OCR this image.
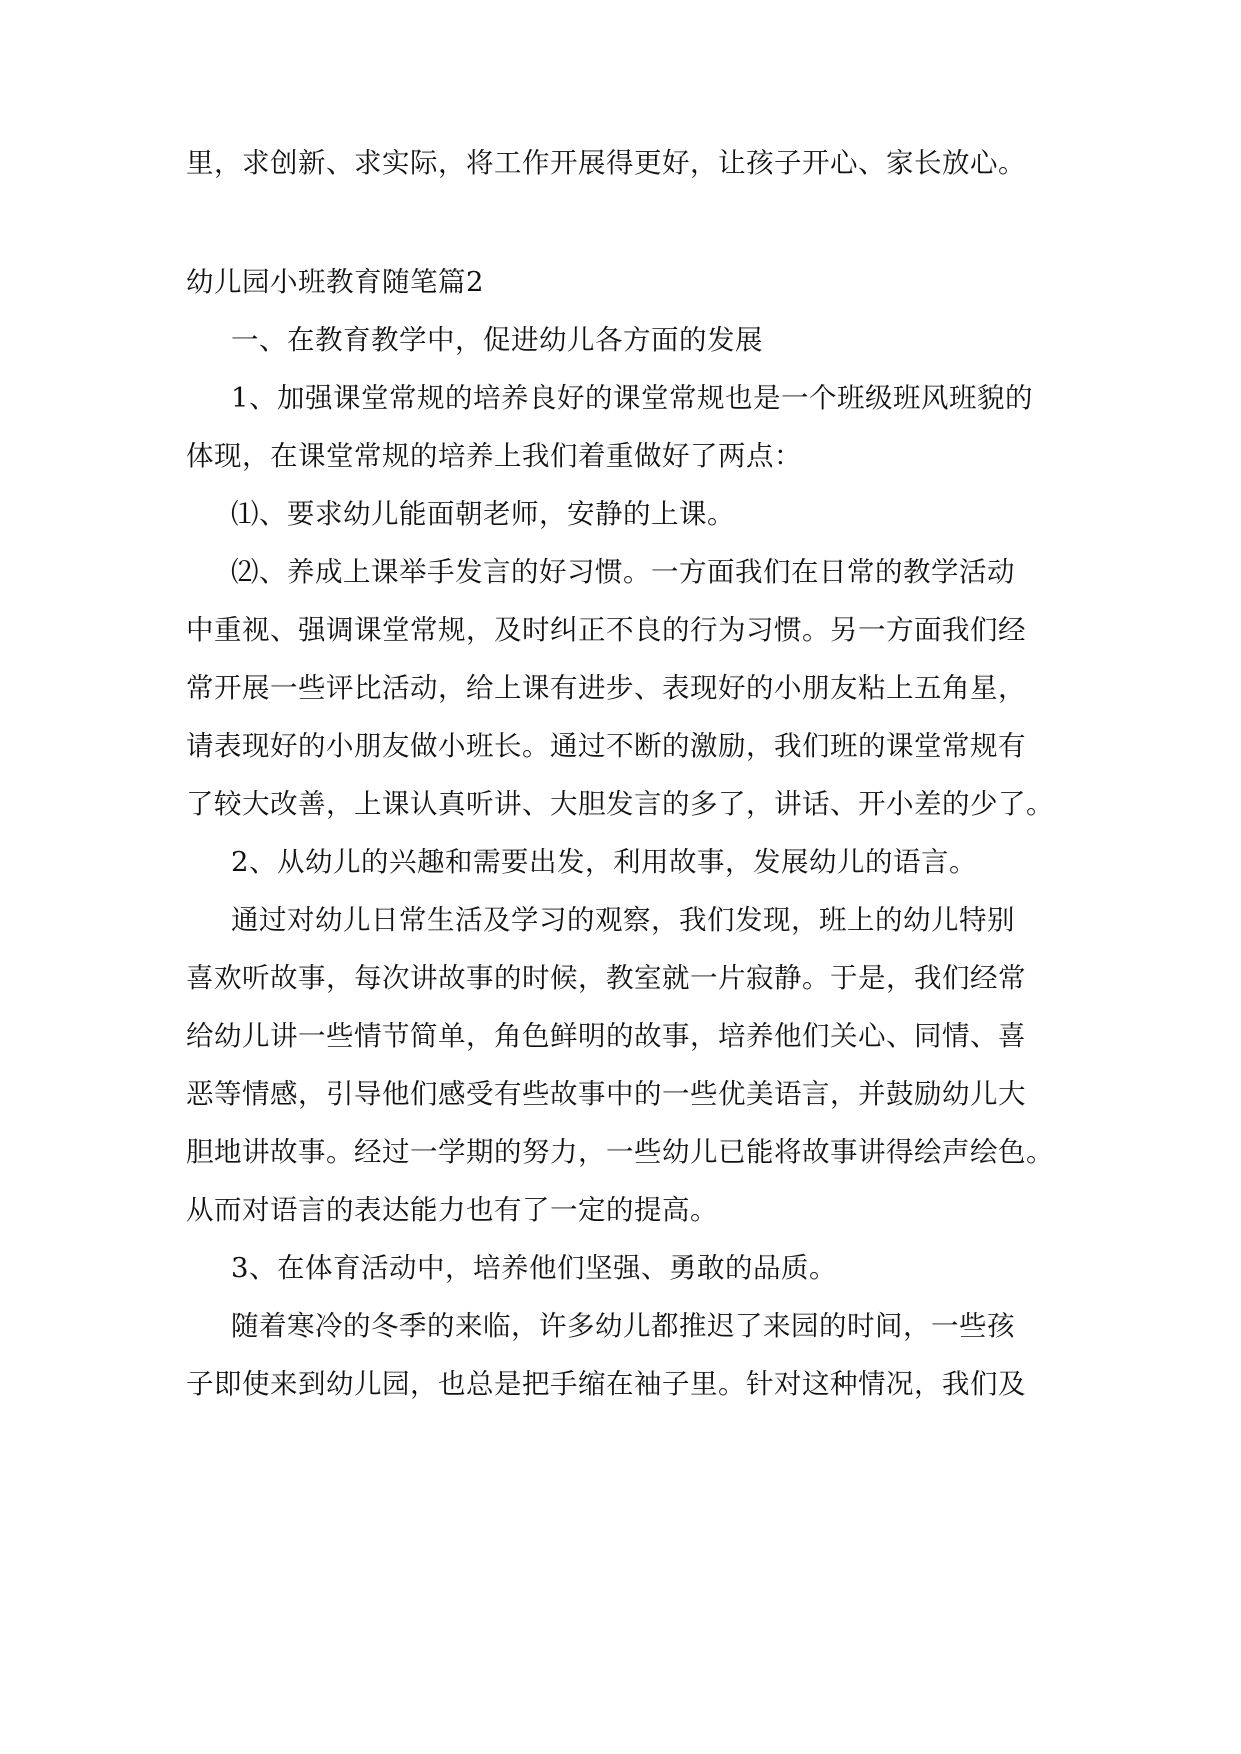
里，求创新、求实际，将工作开展得更好，让孩子开心、家长放心。
幼儿园小班教育随笔篇2
一、在教育教学中，促进幼儿各方面的发展
1、加强课堂常规的培养良好的课堂常规也是一个班级班风班貌的
体现，在课堂常规的培养上我们着重做好了两点：
⑴、要求幼儿能面朝老师，安静的上课。
⑵、养成上课举手发言的好习惯。一方面我们在日常的教学活动
中重视、强调课堂常规，及时纠正不良的行为习惯。另一方面我们经
常开展一些评比活动，给上课有进步、表现好的小朋友粘上五角星，
请表现好的小朋友做小班长。通过不断的激励，我们班的课堂常规有
了较大改善，上课认真听讲、大胆发言的多了，讲话、开小差的少了。
2、从幼儿的兴趣和需要出发，利用故事，发展幼儿的语言。
通过对幼儿日常生活及学习的观察，我们发现，班上的幼儿特别
喜欢听故事，每次讲故事的时候，教室就一片寂静。于是，我们经常
给幼儿讲一些情节简单，角色鲜明的故事，培养他们关心、同情、喜
恶等情感，引导他们感受有些故事中的一些优美语言，并鼓励幼儿大
胆地讲故事。经过一学期的努力，一些幼儿已能将故事讲得绘声绘色。
从而对语言的表达能力也有了一定的提高。
3、在体育活动中，培养他们坚强、勇敢的品质。
随着寒冷的冬季的来临，许多幼儿都推迟了来园的时间，一些孩
子即使来到幼儿园，也总是把手缩在袖子里。针对这种情况，我们及
